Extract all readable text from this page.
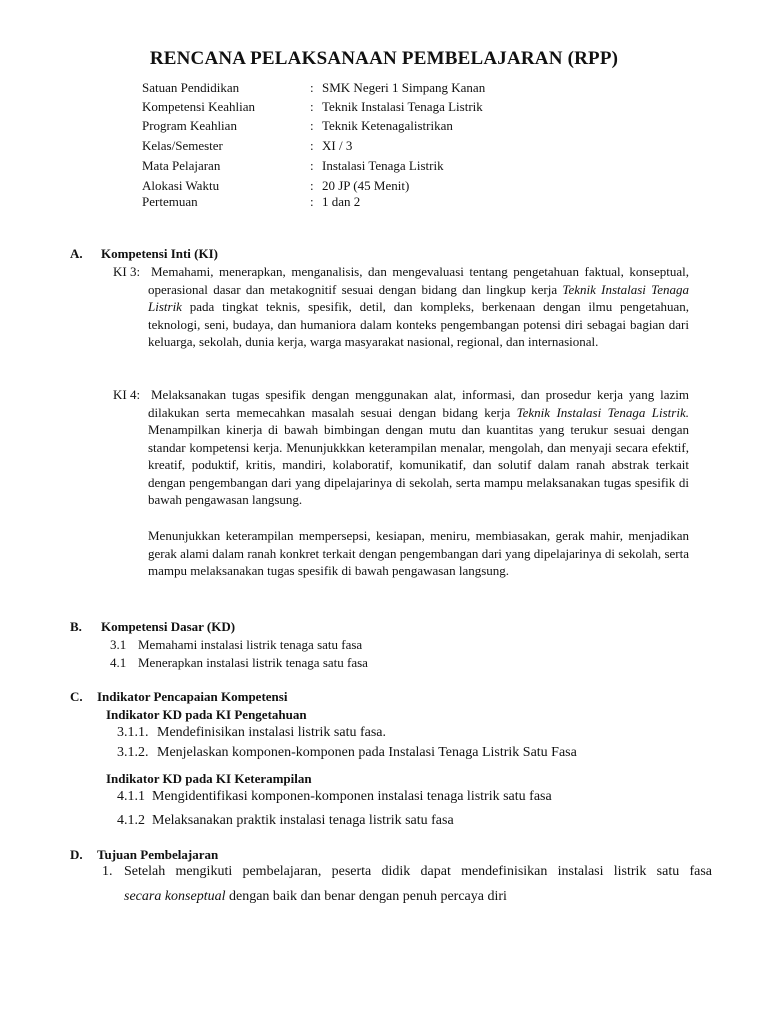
RENCANA PELAKSANAAN PEMBELAJARAN (RPP)
Satuan Pendidikan	: SMK Negeri 1 Simpang Kanan
Kompetensi Keahlian	: Teknik Instalasi Tenaga Listrik
Program Keahlian	: Teknik Ketenagalistrikan
Kelas/Semester	: XI / 3
Mata Pelajaran	: Instalasi Tenaga Listrik
Alokasi Waktu	: 20 JP (45 Menit)
Pertemuan	: 1 dan 2
A. Kompetensi Inti (KI)
KI 3: Memahami, menerapkan, menganalisis, dan mengevaluasi tentang pengetahuan faktual, konseptual, operasional dasar dan metakognitif sesuai dengan bidang dan lingkup kerja Teknik Instalasi Tenaga Listrik pada tingkat teknis, spesifik, detil, dan kompleks, berkenaan dengan ilmu pengetahuan, teknologi, seni, budaya, dan humaniora dalam konteks pengembangan potensi diri sebagai bagian dari keluarga, sekolah, dunia kerja, warga masyarakat nasional, regional, dan internasional.
KI 4: Melaksanakan tugas spesifik dengan menggunakan alat, informasi, dan prosedur kerja yang lazim dilakukan serta memecahkan masalah sesuai dengan bidang kerja Teknik Instalasi Tenaga Listrik. Menampilkan kinerja di bawah bimbingan dengan mutu dan kuantitas yang terukur sesuai dengan standar kompetensi kerja. Menunjukkkan keterampilan menalar, mengolah, dan menyaji secara efektif, kreatif, poduktif, kritis, mandiri, kolaboratif, komunikatif, dan solutif dalam ranah abstrak terkait dengan pengembangan dari yang dipelajarinya di sekolah, serta mampu melaksanakan tugas spesifik di bawah pengawasan langsung.
Menunjukkan keterampilan mempersepsi, kesiapan, meniru, membiasakan, gerak mahir, menjadikan gerak alami dalam ranah konkret terkait dengan pengembangan dari yang dipelajarinya di sekolah, serta mampu melaksanakan tugas spesifik di bawah pengawasan langsung.
B. Kompetensi Dasar (KD)
3.1 Memahami instalasi listrik tenaga satu fasa
4.1 Menerapkan instalasi listrik tenaga satu fasa
C. Indikator Pencapaian Kompetensi
Indikator KD pada KI Pengetahuan
3.1.1. Mendefinisikan instalasi listrik satu fasa.
3.1.2. Menjelaskan komponen-komponen pada Instalasi Tenaga Listrik Satu Fasa
Indikator KD pada KI Keterampilan
4.1.1 Mengidentifikasi komponen-komponen instalasi tenaga listrik satu fasa
4.1.2 Melaksanakan praktik instalasi tenaga listrik satu fasa
D. Tujuan Pembelajaran
1. Setelah mengikuti pembelajaran, peserta didik dapat mendefinisikan instalasi listrik satu fasa
secara konseptual dengan baik dan benar dengan penuh percaya diri
